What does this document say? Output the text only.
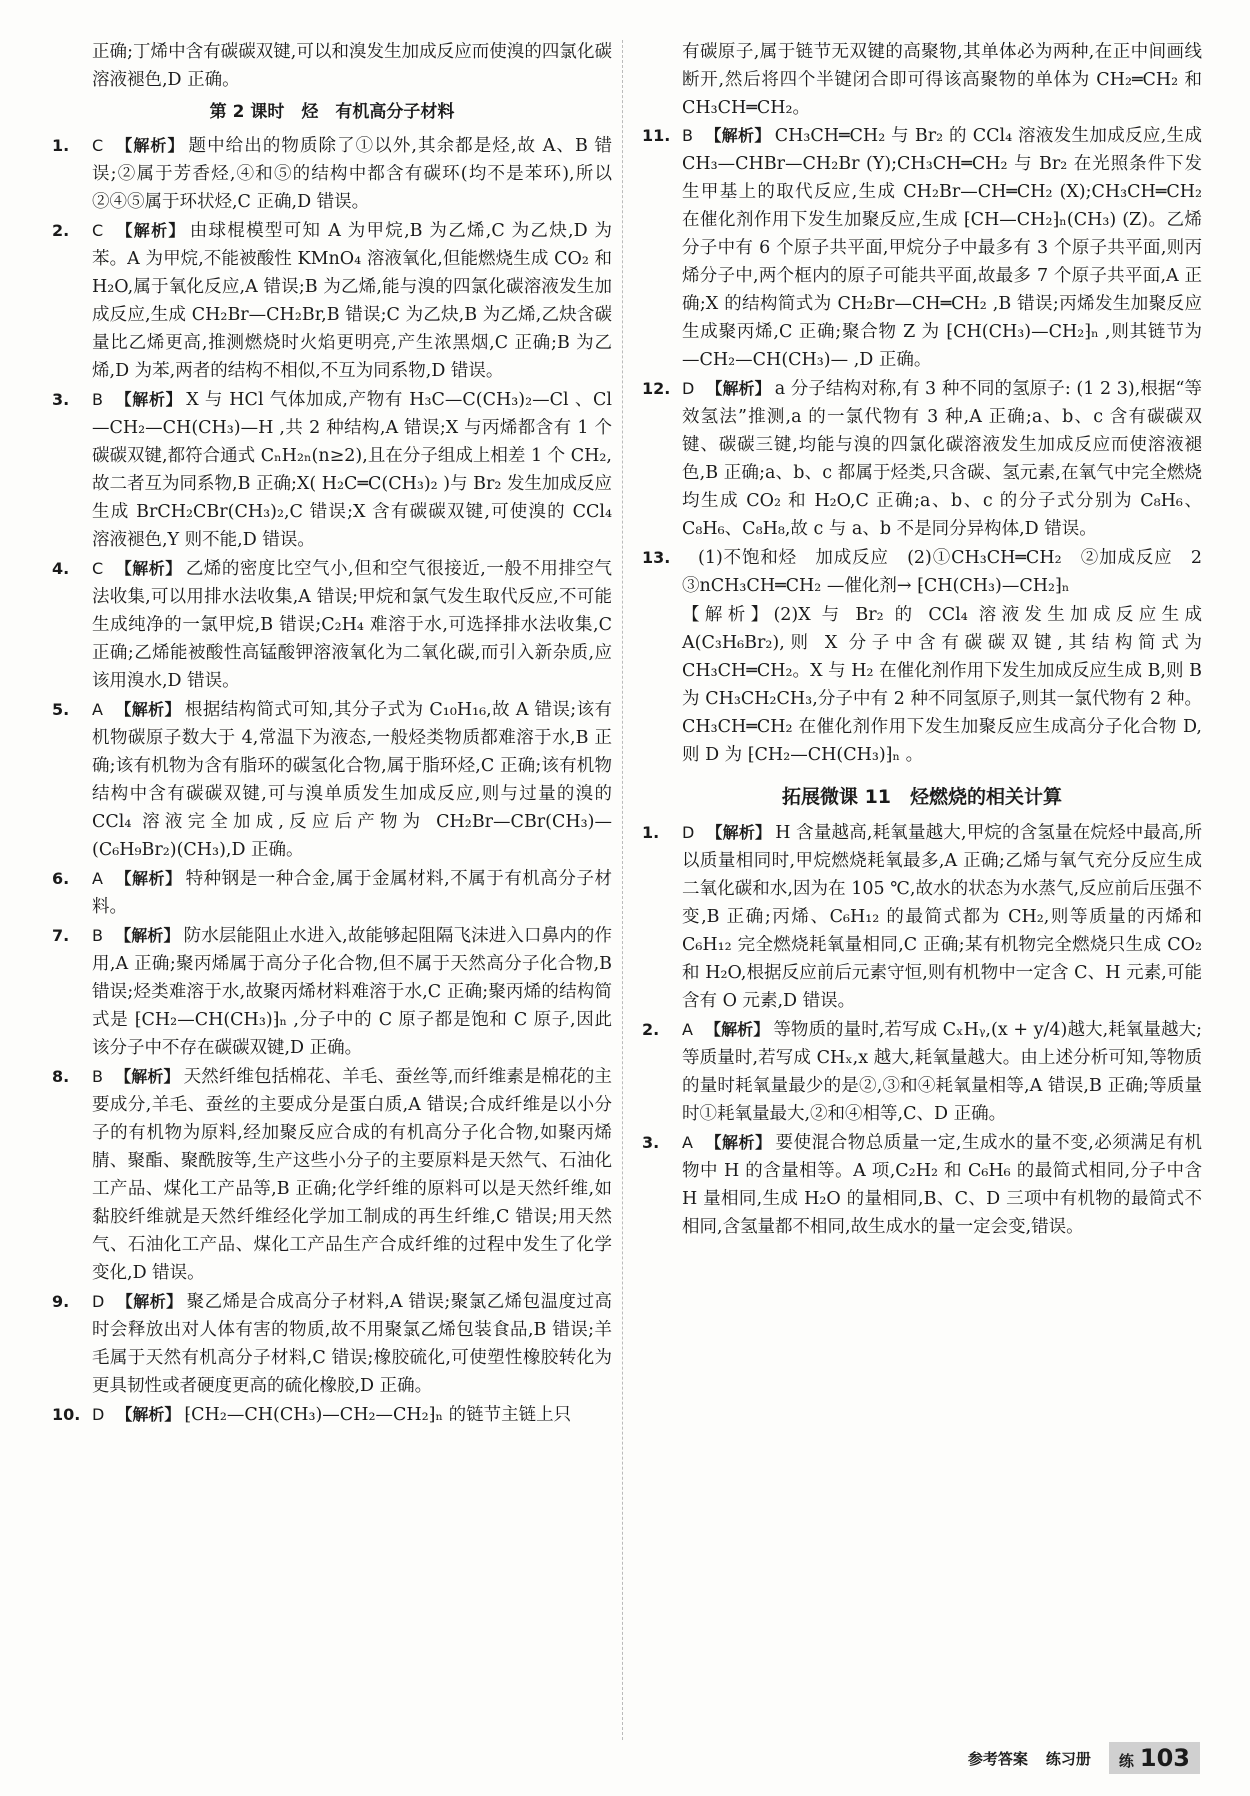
正确;丁烯中含有碳碳双键,可以和溴发生加成反应而使溴的四氯化碳溶液褪色,D 正确。

第 2 课时　烃　有机高分子材料
1. C 【解析】 题中给出的物质除了①以外,其余都是烃,故 A、B 错误;②属于芳香烃,④和⑤的结构中都含有碳环(均不是苯环),所以②④⑤属于环状烃,C 正确,D 错误。
2. C 【解析】 由球棍模型可知 A 为甲烷,B 为乙烯,C 为乙炔,D 为苯。A 为甲烷,不能被酸性 KMnO₄ 溶液氧化,但能燃烧生成 CO₂ 和 H₂O,属于氧化反应,A 错误;B 为乙烯,能与溴的四氯化碳溶液发生加成反应,生成 CH₂Br—CH₂Br,B 错误;C 为乙炔,B 为乙烯,乙炔含碳量比乙烯更高,推测燃烧时火焰更明亮,产生浓黑烟,C 正确;B 为乙烯,D 为苯,两者的结构不相似,不互为同系物,D 错误。
3. B 【解析】 X 与 HCl 气体加成,产物有 H₃C—C(CH₃)₂—Cl 、Cl—CH₂—CH(CH₃)—H ,共 2 种结构,A 错误;X 与丙烯都含有 1 个碳碳双键,都符合通式 CₙH₂ₙ(n≥2),且在分子组成上相差 1 个 CH₂,故二者互为同系物,B 正确;X( H₂C═C(CH₃)₂ )与 Br₂ 发生加成反应生成 BrCH₂CBr(CH₃)₂,C 错误;X 含有碳碳双键,可使溴的 CCl₄ 溶液褪色,Y 则不能,D 错误。
4. C 【解析】 乙烯的密度比空气小,但和空气很接近,一般不用排空气法收集,可以用排水法收集,A 错误;甲烷和氯气发生取代反应,不可能生成纯净的一氯甲烷,B 错误;C₂H₄ 难溶于水,可选择排水法收集,C 正确;乙烯能被酸性高锰酸钾溶液氧化为二氧化碳,而引入新杂质,应该用溴水,D 错误。
5. A 【解析】 根据结构简式可知,其分子式为 C₁₀H₁₆,故 A 错误;该有机物碳原子数大于 4,常温下为液态,一般烃类物质都难溶于水,B 正确;该有机物为含有脂环的碳氢化合物,属于脂环烃,C 正确;该有机物结构中含有碳碳双键,可与溴单质发生加成反应,则与过量的溴的 CCl₄ 溶液完全加成,反应后产物为 CH₂Br—CBr(CH₃)—(C₆H₉Br₂)(CH₃),D 正确。
6. A 【解析】 特种钢是一种合金,属于金属材料,不属于有机高分子材料。
7. B 【解析】 防水层能阻止水进入,故能够起阻隔飞沫进入口鼻内的作用,A 正确;聚丙烯属于高分子化合物,但不属于天然高分子化合物,B 错误;烃类难溶于水,故聚丙烯材料难溶于水,C 正确;聚丙烯的结构简式是 ⁅CH₂—CH(CH₃)⁆ₙ ,分子中的 C 原子都是饱和 C 原子,因此该分子中不存在碳碳双键,D 正确。
8. B 【解析】 天然纤维包括棉花、羊毛、蚕丝等,而纤维素是棉花的主要成分,羊毛、蚕丝的主要成分是蛋白质,A 错误;合成纤维是以小分子的有机物为原料,经加聚反应合成的有机高分子化合物,如聚丙烯腈、聚酯、聚酰胺等,生产这些小分子的主要原料是天然气、石油化工产品、煤化工产品等,B 正确;化学纤维的原料可以是天然纤维,如黏胶纤维就是天然纤维经化学加工制成的再生纤维,C 错误;用天然气、石油化工产品、煤化工产品生产合成纤维的过程中发生了化学变化,D 错误。
9. D 【解析】 聚乙烯是合成高分子材料,A 错误;聚氯乙烯包温度过高时会释放出对人体有害的物质,故不用聚氯乙烯包装食品,B 错误;羊毛属于天然有机高分子材料,C 错误;橡胶硫化,可使塑性橡胶转化为更具韧性或者硬度更高的硫化橡胶,D 正确。
10. D 【解析】 ⁅CH₂—CH(CH₃)—CH₂—CH₂⁆ₙ 的链节主链上只

有碳原子,属于链节无双键的高聚物,其单体必为两种,在正中间画线断开,然后将四个半键闭合即可得该高聚物的单体为 CH₂═CH₂ 和 CH₃CH═CH₂。

11. B 【解析】 CH₃CH═CH₂ 与 Br₂ 的 CCl₄ 溶液发生加成反应,生成 CH₃—CHBr—CH₂Br (Y);CH₃CH═CH₂ 与 Br₂ 在光照条件下发生甲基上的取代反应,生成 CH₂Br—CH═CH₂ (X);CH₃CH═CH₂ 在催化剂作用下发生加聚反应,生成 ⁅CH—CH₂⁆ₙ(CH₃) (Z)。乙烯分子中有 6 个原子共平面,甲烷分子中最多有 3 个原子共平面,则丙烯分子中,两个框内的原子可能共平面,故最多 7 个原子共平面,A 正确;X 的结构简式为 CH₂Br—CH═CH₂ ,B 错误;丙烯发生加聚反应生成聚丙烯,C 正确;聚合物 Z 为 ⁅CH(CH₃)—CH₂⁆ₙ ,则其链节为 —CH₂—CH(CH₃)— ,D 正确。
12. D 【解析】 a 分子结构对称,有 3 种不同的氢原子: (1 2 3),根据“等效氢法”推测,a 的一氯代物有 3 种,A 正确;a、b、c 含有碳碳双键、碳碳三键,均能与溴的四氯化碳溶液发生加成反应而使溶液褪色,B 正确;a、b、c 都属于烃类,只含碳、氢元素,在氧气中完全燃烧均生成 CO₂ 和 H₂O,C 正确;a、b、c 的分子式分别为 C₈H₆、C₈H₆、C₈H₈,故 c 与 a、b 不是同分异构体,D 错误。
13. (1)不饱和烃　加成反应　(2)①CH₃CH═CH₂　②加成反应　2　③nCH₃CH═CH₂ —催化剂→ ⁅CH(CH₃)—CH₂⁆ₙ

【解析】(2)X 与 Br₂ 的 CCl₄ 溶液发生加成反应生成 A(C₃H₆Br₂),则 X 分子中含有碳碳双键,其结构简式为 CH₃CH═CH₂。X 与 H₂ 在催化剂作用下发生加成反应生成 B,则 B 为 CH₃CH₂CH₃,分子中有 2 种不同氢原子,则其一氯代物有 2 种。CH₃CH═CH₂ 在催化剂作用下发生加聚反应生成高分子化合物 D,则 D 为 ⁅CH₂—CH(CH₃)⁆ₙ 。

拓展微课 11　烃燃烧的相关计算
1. D 【解析】 H 含量越高,耗氧量越大,甲烷的含氢量在烷烃中最高,所以质量相同时,甲烷燃烧耗氧最多,A 正确;乙烯与氧气充分反应生成二氧化碳和水,因为在 105 ℃,故水的状态为水蒸气,反应前后压强不变,B 正确;丙烯、C₆H₁₂ 的最简式都为 CH₂,则等质量的丙烯和 C₆H₁₂ 完全燃烧耗氧量相同,C 正确;某有机物完全燃烧只生成 CO₂ 和 H₂O,根据反应前后元素守恒,则有机物中一定含 C、H 元素,可能含有 O 元素,D 错误。
2. A 【解析】 等物质的量时,若写成 CₓHᵧ,(x + y/4)越大,耗氧量越大;等质量时,若写成 CHₓ,x 越大,耗氧量越大。由上述分析可知,等物质的量时耗氧量最少的是②,③和④耗氧量相等,A 错误,B 正确;等质量时①耗氧量最大,②和④相等,C、D 正确。
3. A 【解析】 要使混合物总质量一定,生成水的量不变,必须满足有机物中 H 的含量相等。A 项,C₂H₂ 和 C₆H₆ 的最简式相同,分子中含 H 量相同,生成 H₂O 的量相同,B、C、D 三项中有机物的最简式不相同,含氢量都不相同,故生成水的量一定会变,错误。
参考答案 练习册 练 103
